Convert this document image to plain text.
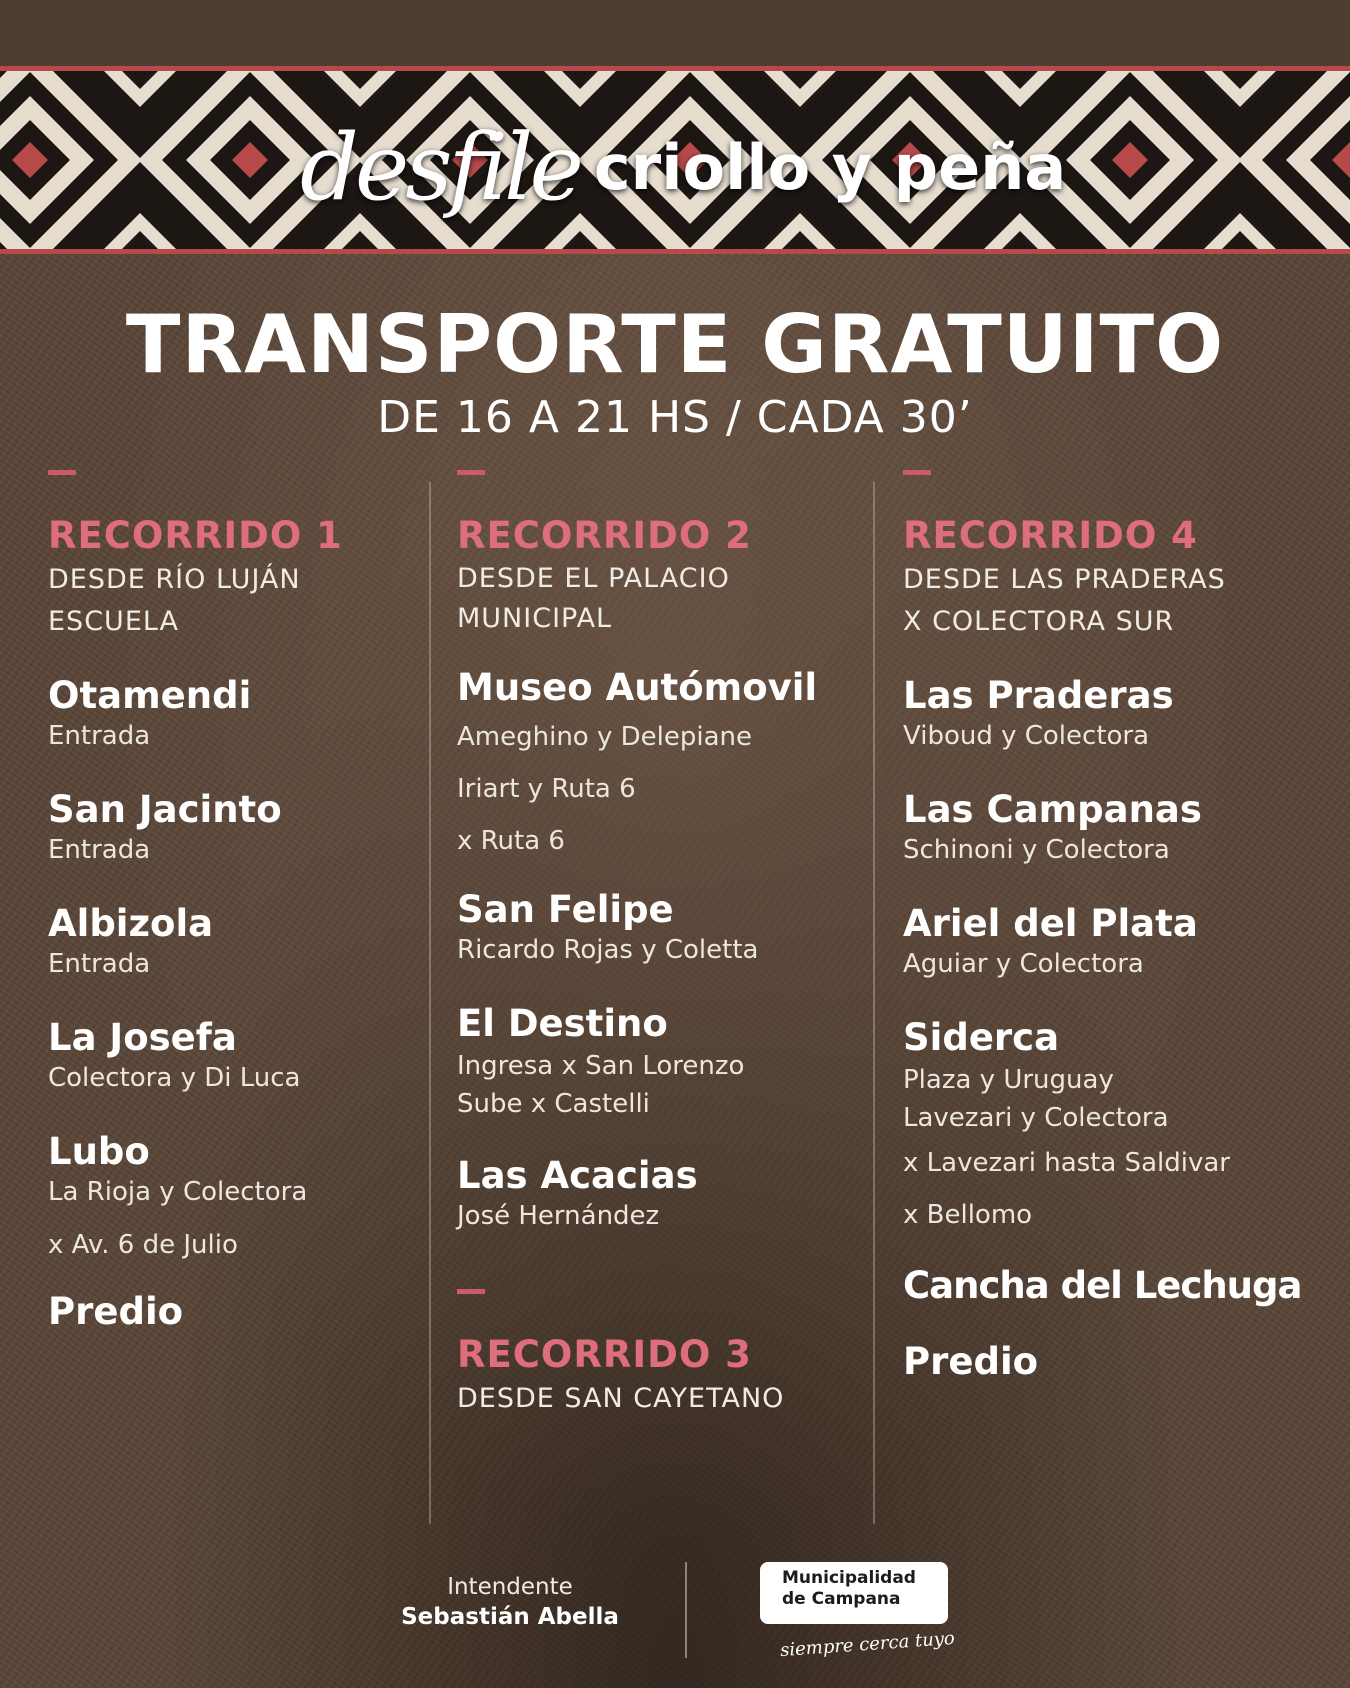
desfile criollo y peña
TRANSPORTE GRATUITO
DE 16 A 21 HS / CADA 30’
RECORRIDO 1
DESDE RÍO LUJÁN
ESCUELA
Otamendi
Entrada
San Jacinto
Entrada
Albizola
Entrada
La Josefa
Colectora y Di Luca
Lubo
La Rioja y Colectora
x Av. 6 de Julio
Predio
RECORRIDO 2
DESDE EL PALACIO
MUNICIPAL
Museo Autómovil
Ameghino y Delepiane
Iriart y Ruta 6
x Ruta 6
San Felipe
Ricardo Rojas y Coletta
El Destino
Ingresa x San Lorenzo
Sube x Castelli
Las Acacias
José Hernández
RECORRIDO 3
DESDE SAN CAYETANO
RECORRIDO 4
DESDE LAS PRADERAS
X COLECTORA SUR
Las Praderas
Viboud y Colectora
Las Campanas
Schinoni y Colectora
Ariel del Plata
Aguiar y Colectora
Siderca
Plaza y Uruguay
Lavezari y Colectora
x Lavezari hasta Saldivar
x Bellomo
Cancha del Lechuga
Predio
Intendente
Sebastián Abella
Municipalidad
de Campana
siempre cerca tuyo
